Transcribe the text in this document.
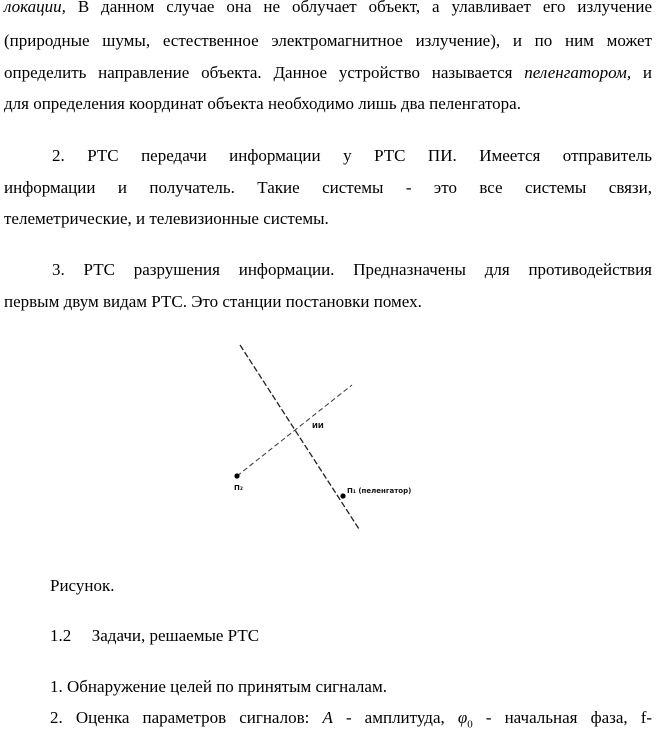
локации, В данном случае она не облучает объект, а улавливает его излучение
(природные шумы, естественное электромагнитное излучение), и по ним может
определить направление объекта. Данное устройство называется пеленгатором, и
для определения координат объекта необходимо лишь два пеленгатора.
2. РТС передачи информации у РТС ПИ. Имеется отправитель
информации и получатель. Такие системы - это все системы связи,
телеметрические, и телевизионные системы.
3. РТС разрушения информации. Предназначены для противодействия
первым двум видам РТС. Это станции постановки помех.
ИИ
П₂	П₁ (пеленгатор)
Рисунок.
1.2 Задачи, решаемые РТС
1. Обнаружение целей по принятым сигналам.
2. Оценка параметров сигналов: A - амплитуда, $\varphi_0$ - начальная фаза, f-
